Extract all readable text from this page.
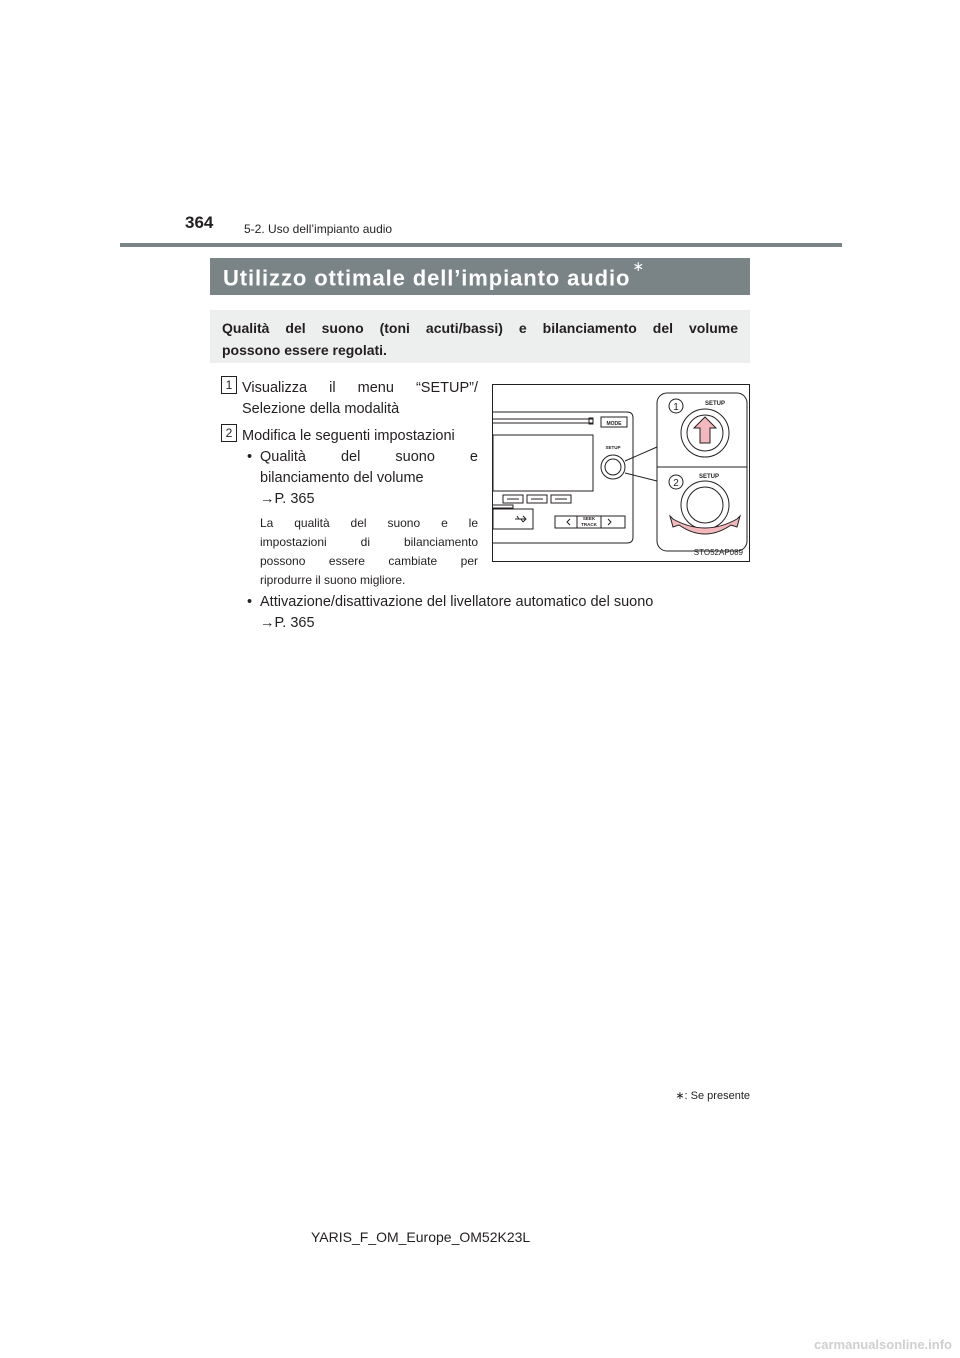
364	5-2. Uso dell’impianto audio
Utilizzo ottimale dell’impianto audio ∗
Qualità del suono (toni acuti/bassi) e bilanciamento del volume
possono essere regolati.
1 Visualizza il menu “SETUP”/
Selezione della modalità
2 Modifica le seguenti impostazioni
• Qualità del suono e
bilanciamento del volume
→P. 365
La qualità del suono e le
impostazioni di bilanciamento
possono essere cambiate per
riprodurre il suono migliore.
• Attivazione/disattivazione del livellatore automatico del suono
→P. 365
MODE
SETUP
SEEK
TRACK
SETUP
SETUP
1
2
STO52AP089
∗: Se presente
YARIS_F_OM_Europe_OM52K23L
carmanualsonline.info
